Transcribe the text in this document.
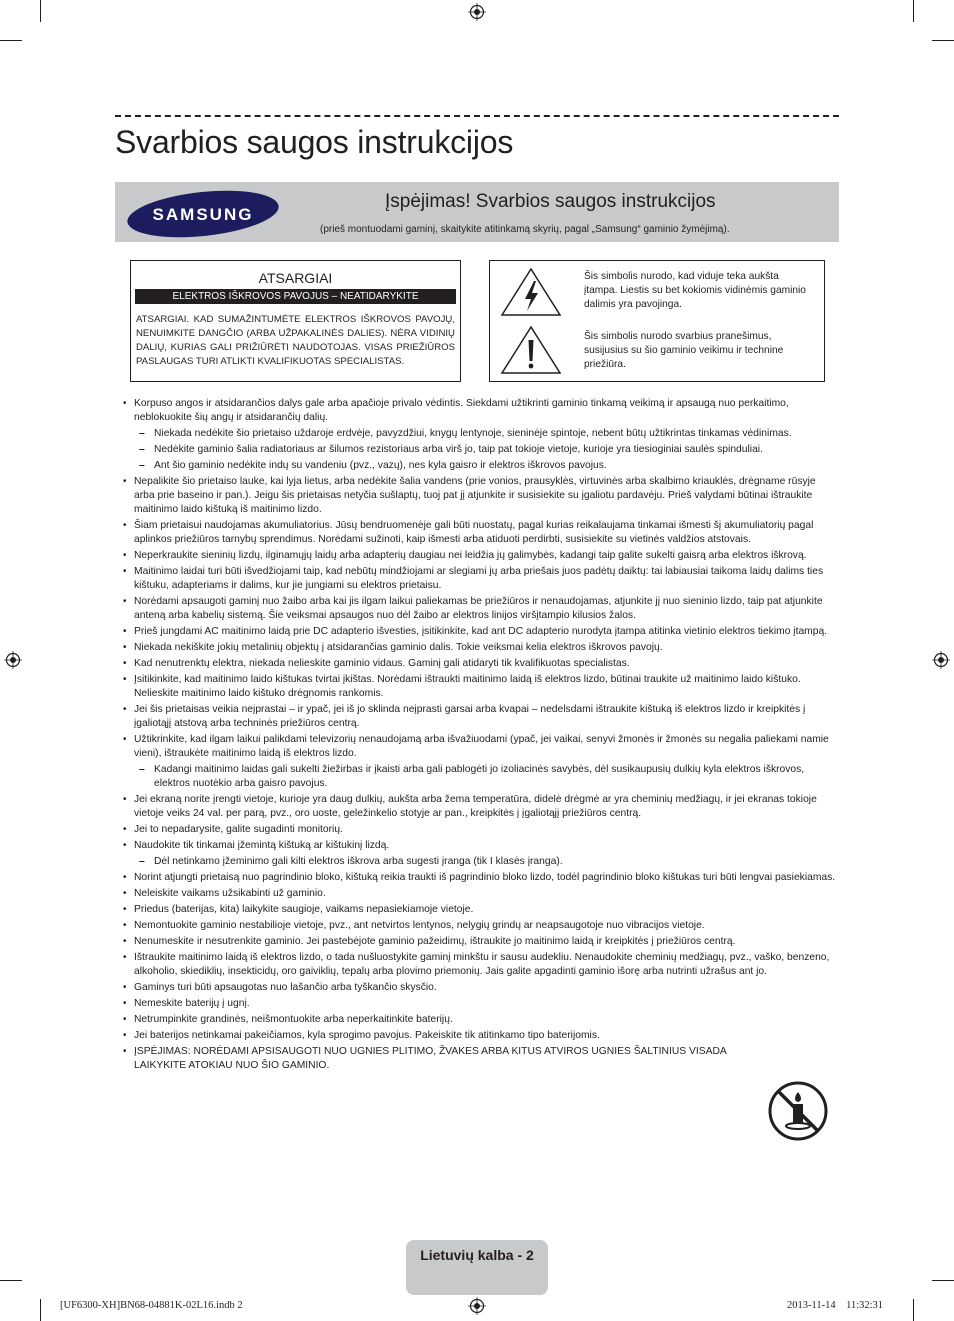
Svarbios saugos instrukcijos
SAMSUNG
Įspėjimas! Svarbios saugos instrukcijos
(prieš montuodami gaminį, skaitykite atitinkamą skyrių, pagal „Samsung“ gaminio žymėjimą).
ATSARGIAI
ELEKTROS IŠKROVOS PAVOJUS – NEATIDARYKITE
ATSARGIAI. KAD SUMAŽINTUMĖTE ELEKTROS IŠKROVOS PAVOJŲ, NENUIMKITE DANGČIO (ARBA UŽPAKALINĖS DALIES). NĖRA VIDINIŲ DALIŲ, KURIAS GALI PRIŽIŪRĖTI NAUDOTOJAS. VISAS PRIEŽIŪROS PASLAUGAS TURI ATLIKTI KVALIFIKUOTAS SPECIALISTAS.
Šis simbolis nurodo, kad viduje teka aukšta įtampa. Liestis su bet kokiomis vidinėmis gaminio dalimis yra pavojinga.
Šis simbolis nurodo svarbius pranešimus, susijusius su šio gaminio veikimu ir technine priežiūra.
• Korpuso angos ir atsidarančios dalys gale arba apačioje privalo vėdintis. Siekdami užtikrinti gaminio tinkamą veikimą ir apsaugą nuo perkaitimo, neblokuokite šių angų ir atsidarančių dalių.
– Niekada nedėkite šio prietaiso uždaroje erdvėje, pavyzdžiui, knygų lentynoje, sieninėje spintoje, nebent būtų užtikrintas tinkamas vėdinimas.
– Nedėkite gaminio šalia radiatoriaus ar šilumos rezistoriaus arba virš jo, taip pat tokioje vietoje, kurioje yra tiesioginiai saulės spinduliai.
– Ant šio gaminio nedėkite indų su vandeniu (pvz., vazų), nes kyla gaisro ir elektros iškrovos pavojus.
• Nepalikite šio prietaiso lauke, kai lyja lietus, arba nedėkite šalia vandens (prie vonios, prausyklės, virtuvinės arba skalbimo kriauklės, drėgname rūsyje arba prie baseino ir pan.). Jeigu šis prietaisas netyčia sušlaptų, tuoj pat jį atjunkite ir susisiekite su įgaliotu pardavėju. Prieš valydami būtinai ištraukite maitinimo laido kištuką iš maitinimo lizdo.
• Šiam prietaisui naudojamas akumuliatorius. Jūsų bendruomenėje gali būti nuostatų, pagal kurias reikalaujama tinkamai išmesti šį akumuliatorių pagal aplinkos priežiūros tarnybų sprendimus. Norėdami sužinoti, kaip išmesti arba atiduoti perdirbti, susisiekite su vietinės valdžios atstovais.
• Neperkraukite sieninių lizdų, ilginamųjų laidų arba adapterių daugiau nei leidžia jų galimybės, kadangi taip galite sukelti gaisrą arba elektros iškrovą.
• Maitinimo laidai turi būti išvedžiojami taip, kad nebūtų mindžiojami ar slegiami jų arba priešais juos padėtų daiktų: tai labiausiai taikoma laidų dalims ties kištuku, adapteriams ir dalims, kur jie jungiami su elektros prietaisu.
• Norėdami apsaugoti gaminį nuo žaibo arba kai jis ilgam laikui paliekamas be priežiūros ir nenaudojamas, atjunkite jį nuo sieninio lizdo, taip pat atjunkite anteną arba kabelių sistemą. Šie veiksmai apsaugos nuo dėl žaibo ar elektros linijos viršįtampio kilusios žalos.
• Prieš jungdami AC maitinimo laidą prie DC adapterio išvesties, įsitikinkite, kad ant DC adapterio nurodyta įtampa atitinka vietinio elektros tiekimo įtampą.
• Niekada nekiškite jokių metalinių objektų į atsidarančias gaminio dalis. Tokie veiksmai kelia elektros iškrovos pavojų.
• Kad nenutrenktų elektra, niekada nelieskite gaminio vidaus. Gaminį gali atidaryti tik kvalifikuotas specialistas.
• Įsitikinkite, kad maitinimo laido kištukas tvirtai įkištas. Norėdami ištraukti maitinimo laidą iš elektros lizdo, būtinai traukite už maitinimo laido kištuko. Nelieskite maitinimo laido kištuko drėgnomis rankomis.
• Jei šis prietaisas veikia neįprastai – ir ypač, jei iš jo sklinda neįprasti garsai arba kvapai – nedelsdami ištraukite kištuką iš elektros lizdo ir kreipkitės į įgaliotąjį atstovą arba techninės priežiūros centrą.
• Užtikrinkite, kad ilgam laikui palikdami televizorių nenaudojamą arba išvažiuodami (ypač, jei vaikai, senyvi žmonės ir žmonės su negalia paliekami namie vieni), ištraukėte maitinimo laidą iš elektros lizdo.
– Kadangi maitinimo laidas gali sukelti žiežirbas ir įkaisti arba gali pablogėti jo izoliacinės savybės, dėl susikaupusių dulkių kyla elektros iškrovos, elektros nuotėkio arba gaisro pavojus.
• Jei ekraną norite įrengti vietoje, kurioje yra daug dulkių, aukšta arba žema temperatūra, didelė drėgmė ar yra cheminių medžiagų, ir jei ekranas tokioje vietoje veiks 24 val. per parą, pvz., oro uoste, geležinkelio stotyje ar pan., kreipkitės į įgaliotąjį priežiūros centrą.
• Jei to nepadarysite, galite sugadinti monitorių.
• Naudokite tik tinkamai įžemintą kištuką ar kištukinį lizdą.
– Dėl netinkamo įžeminimo gali kilti elektros iškrova arba sugesti įranga (tik I klasės įranga).
• Norint atjungti prietaisą nuo pagrindinio bloko, kištuką reikia traukti iš pagrindinio bloko lizdo, todėl pagrindinio bloko kištukas turi būti lengvai pasiekiamas.
• Neleiskite vaikams užsikabinti už gaminio.
• Priedus (baterijas, kita) laikykite saugioje, vaikams nepasiekiamoje vietoje.
• Nemontuokite gaminio nestabilioje vietoje, pvz., ant netvirtos lentynos, nelygių grindų ar neapsaugotoje nuo vibracijos vietoje.
• Nenumeskite ir nesutrenkite gaminio. Jei pastebėjote gaminio pažeidimų, ištraukite jo maitinimo laidą ir kreipkitės į priežiūros centrą.
• Ištraukite maitinimo laidą iš elektros lizdo, o tada nušluostykite gaminį minkštu ir sausu audekliu. Nenaudokite cheminių medžiagų, pvz., vaško, benzeno, alkoholio, skiediklių, insekticidų, oro gaiviklių, tepalų arba plovimo priemonių. Jais galite apgadinti gaminio išorę arba nutrinti užrašus ant jo.
• Gaminys turi būti apsaugotas nuo lašančio arba tyškančio skysčio.
• Nemeskite baterijų į ugnį.
• Netrumpinkite grandinės, neišmontuokite arba neperkaitinkite baterijų.
• Jei baterijos netinkamai pakeičiamos, kyla sprogimo pavojus. Pakeiskite tik atitinkamo tipo baterijomis.
• ĮSPĖJIMAS: NORĖDAMI APSISAUGOTI NUO UGNIES PLITIMO, ŽVAKES ARBA KITUS ATVIROS UGNIES ŠALTINIUS VISADA LAIKYKITE ATOKIAU NUO ŠIO GAMINIO.
Lietuvių kalba - 2
[UF6300-XH]BN68-04881K-02L16.indb 2	2013-11-14    11:32:31
